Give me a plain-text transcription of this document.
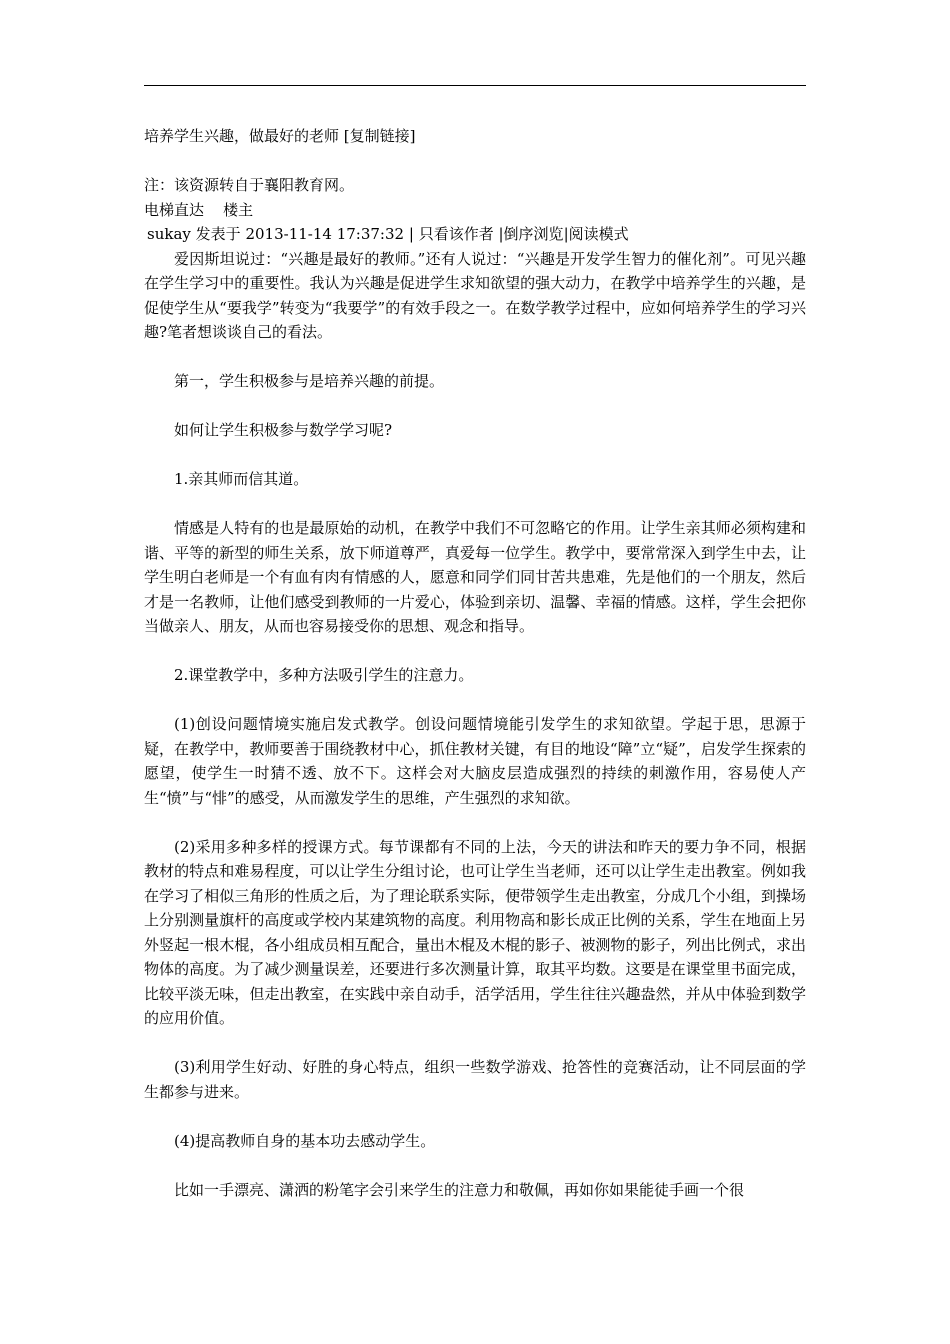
培养学生兴趣，做最好的老师 [复制链接]

注：该资源转自于襄阳教育网。

电梯直达 楼主

sukay 发表于 2013-11-14 17:37:32 | 只看该作者 |倒序浏览|阅读模式

爱因斯坦说过：“兴趣是最好的教师。”还有人说过：“兴趣是开发学生智力的催化剂”。可见兴趣在学生学习中的重要性。我认为兴趣是促进学生求知欲望的强大动力，在教学中培养学生的兴趣，是促使学生从“要我学”转变为“我要学”的有效手段之一。在数学教学过程中，应如何培养学生的学习兴趣?笔者想谈谈自己的看法。

第一，学生积极参与是培养兴趣的前提。

如何让学生积极参与数学学习呢?

1.亲其师而信其道。

情感是人特有的也是最原始的动机，在教学中我们不可忽略它的作用。让学生亲其师必须构建和谐、平等的新型的师生关系，放下师道尊严，真爱每一位学生。教学中，要常常深入到学生中去，让学生明白老师是一个有血有肉有情感的人，愿意和同学们同甘苦共患难，先是他们的一个朋友，然后才是一名教师，让他们感受到教师的一片爱心，体验到亲切、温馨、幸福的情感。这样，学生会把你当做亲人、朋友，从而也容易接受你的思想、观念和指导。

2.课堂教学中，多种方法吸引学生的注意力。

(1)创设问题情境实施启发式教学。创设问题情境能引发学生的求知欲望。学起于思，思源于疑，在教学中，教师要善于围绕教材中心，抓住教材关键，有目的地设“障”立“疑”，启发学生探索的愿望，使学生一时猜不透、放不下。这样会对大脑皮层造成强烈的持续的刺激作用，容易使人产生“愤”与“悱”的感受，从而激发学生的思维，产生强烈的求知欲。

(2)采用多种多样的授课方式。每节课都有不同的上法，今天的讲法和昨天的要力争不同，根据教材的特点和难易程度，可以让学生分组讨论，也可让学生当老师，还可以让学生走出教室。例如我在学习了相似三角形的性质之后，为了理论联系实际，便带领学生走出教室，分成几个小组，到操场上分别测量旗杆的高度或学校内某建筑物的高度。利用物高和影长成正比例的关系，学生在地面上另外竖起一根木棍，各小组成员相互配合，量出木棍及木棍的影子、被测物的影子，列出比例式，求出物体的高度。为了减少测量误差，还要进行多次测量计算，取其平均数。这要是在课堂里书面完成，比较平淡无味，但走出教室，在实践中亲自动手，活学活用，学生往往兴趣盎然，并从中体验到数学的应用价值。

(3)利用学生好动、好胜的身心特点，组织一些数学游戏、抢答性的竞赛活动，让不同层面的学生都参与进来。

(4)提高教师自身的基本功去感动学生。

比如一手漂亮、潇洒的粉笔字会引来学生的注意力和敬佩，再如你如果能徒手画一个很
